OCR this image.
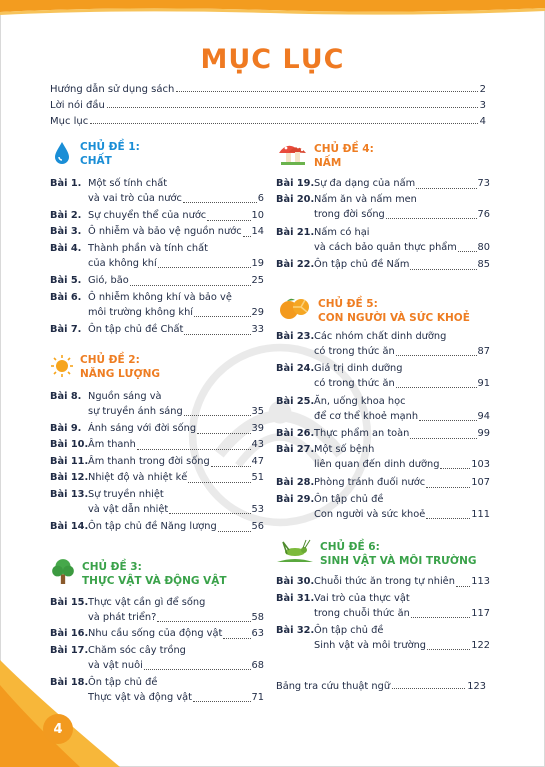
MỤC LỤC
Hướng dẫn sử dụng sách	2
Lời nói đầu	3
Mục lục	4
CHỦ ĐỀ 1:
CHẤT
CHỦ ĐỀ 2:
NĂNG LƯỢNG
CHỦ ĐỀ 3:
THỰC VẬT VÀ ĐỘNG VẬT
CHỦ ĐỀ 4:
NẤM
CHỦ ĐỀ 5:
CON NGƯỜI VÀ SỨC KHOẺ
CHỦ ĐỀ 6:
SINH VẬT VÀ MÔI TRƯỜNG
Bài 1. Một số tính chất
và vai trò của nước	6
Bài 2. Sự chuyển thể của nước	10
Bài 3. Ô nhiễm và bảo vệ nguồn nước 14
Bài 4. Thành phần và tính chất
của không khí	19
Bài 5. Gió, bão	25
Bài 6. Ô nhiễm không khí và bảo vệ
môi trường không khí	29
Bài 7. Ôn tập chủ đề Chất	33
Bài 8. Nguồn sáng và
sự truyền ánh sáng	35
Bài 9. Ánh sáng với đời sống	39
Bài 10. Âm thanh	43
Bài 11. Âm thanh trong đời sống	47
Bài 12. Nhiệt độ và nhiệt kế	51
Bài 13. Sự truyền nhiệt
và vật dẫn nhiệt	53
Bài 14. Ôn tập chủ đề Năng lượng	56
Bài 15. Thực vật cần gì để sống
và phát triển?	58
Bài 16. Nhu cầu sống của động vật	63
Bài 17. Chăm sóc cây trồng
và vật nuôi	68
Bài 18. Ôn tập chủ đề
Thực vật và động vật	71
Bài 19. Sự đa dạng của nấm	73
Bài 20. Nấm ăn và nấm men
trong đời sống	76
Bài 21. Nấm có hại
và cách bảo quản thực phẩm 80
Bài 22. Ôn tập chủ đề Nấm	85
Bài 23. Các nhóm chất dinh dưỡng
có trong thức ăn	87
Bài 24. Giá trị dinh dưỡng
có trong thức ăn	91
Bài 25. Ăn, uống khoa học
để cơ thể khoẻ mạnh	94
Bài 26. Thực phẩm an toàn	99
Bài 27. Một số bệnh
liên quan đến dinh dưỡng	103
Bài 28. Phòng tránh đuối nước	107
Bài 29. Ôn tập chủ đề
Con người và sức khoẻ	111
Bài 30. Chuỗi thức ăn trong tự nhiên 113
Bài 31. Vai trò của thực vật
trong chuỗi thức ăn	117
Bài 32. Ôn tập chủ đề
Sinh vật và môi trường	122
Bảng tra cứu thuật ngữ	123
4
